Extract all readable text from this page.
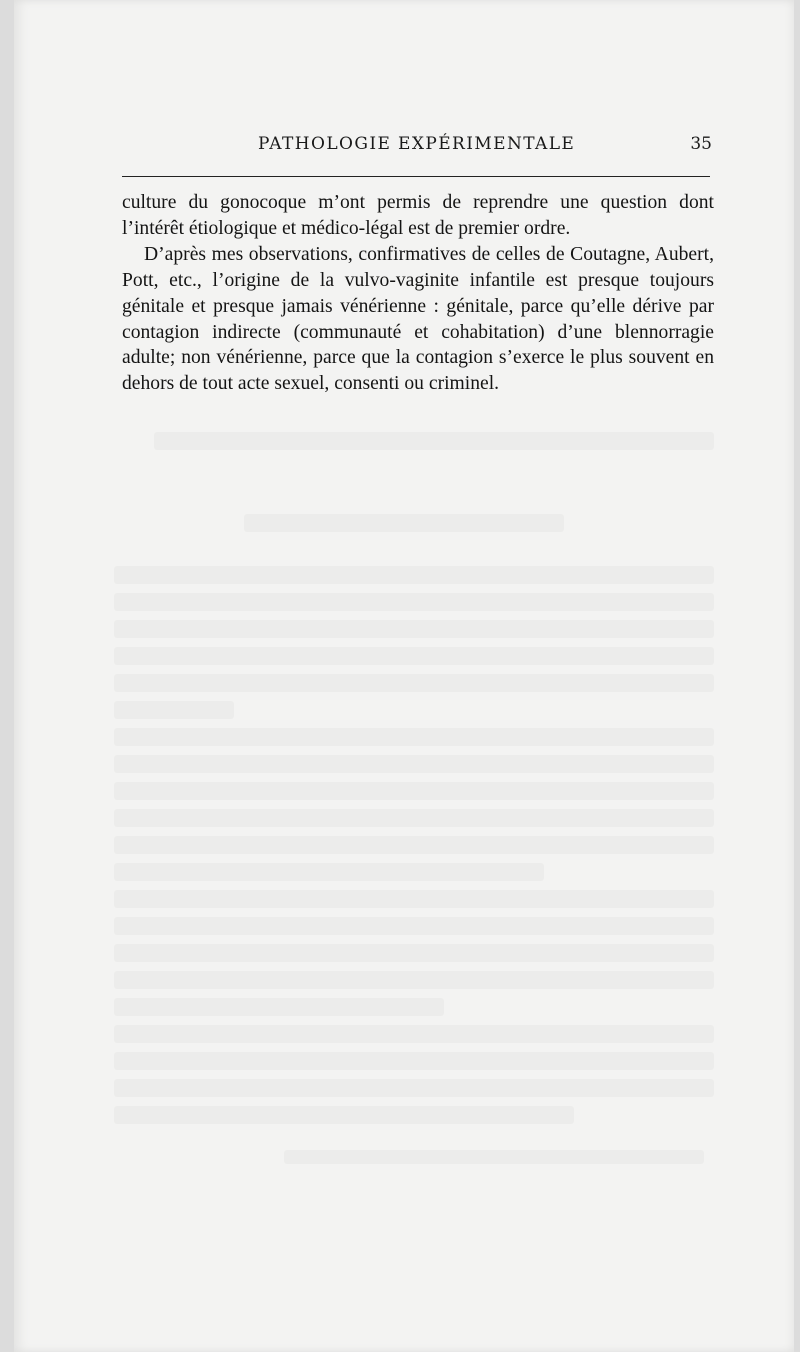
PATHOLOGIE EXPÉRIMENTALE	35

culture du gonocoque m’ont permis de reprendre une question dont l’intérêt étiologique et médico-légal est de premier ordre.

D’après mes observations, confirmatives de celles de Coutagne, Aubert, Pott, etc., l’origine de la vulvo-vaginite infantile est presque toujours génitale et presque jamais vénérienne : génitale, parce qu’elle dérive par contagion indirecte (communauté et cohabitation) d’une blennorragie adulte; non vénérienne, parce que la contagion s’exerce le plus souvent en dehors de tout acte sexuel, consenti ou criminel.
